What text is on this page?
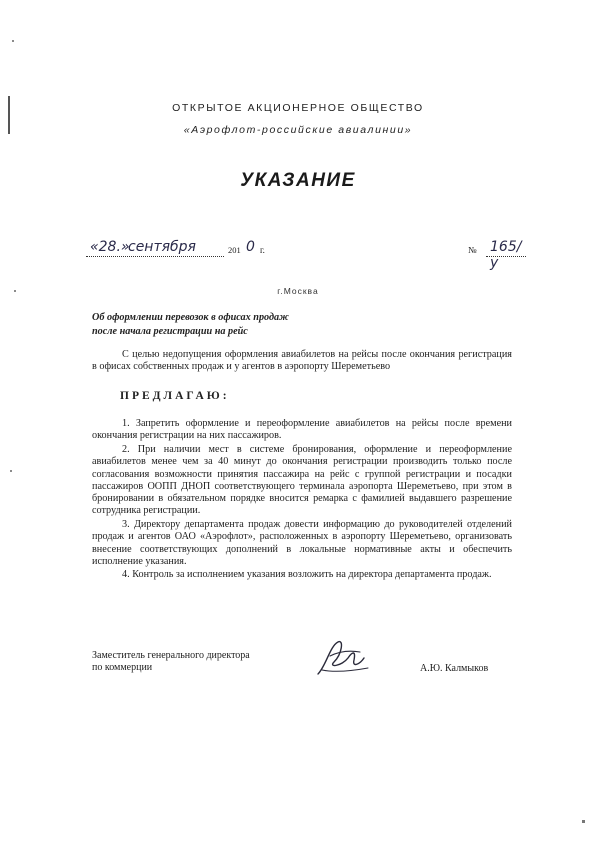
ОТКРЫТОЕ АКЦИОНЕРНОЕ ОБЩЕСТВО
«Аэрофлот-российские авиалинии»
УКАЗАНИЕ
«28.»
сентября	201 0 г.	№ 165/у
г.Москва
Об оформлении перевозок в офисах продаж
после начала регистрации на рейс
С целью недопущения оформления авиабилетов на рейсы после окончания регистрация в офисах собственных продаж и у агентов в аэропорту Шереметьево
ПРЕДЛАГАЮ:
1. Запретить оформление и переоформление авиабилетов на рейсы после времени окончания регистрации на них пассажиров.
2. При наличии мест в системе бронирования, оформление и переоформление авиабилетов менее чем за 40 минут до окончания регистрации производить только после согласования возможности принятия пассажира на рейс с группой регистрации и посадки пассажиров ООПП ДНОП соответствующего терминала аэропорта Шереметьево, при этом в бронировании в обязательном порядке вносится ремарка с фамилией выдавшего разрешение сотрудника регистрации.
3. Директору департамента продаж довести информацию до руководителей отделений продаж и агентов ОАО «Аэрофлот», расположенных в аэропорту Шереметьево, организовать внесение соответствующих дополнений в локальные нормативные акты и обеспечить исполнение указания.
4. Контроль за исполнением указания возложить на директора департамента продаж.
Заместитель генерального директора
по коммерции	А.Ю. Калмыков
